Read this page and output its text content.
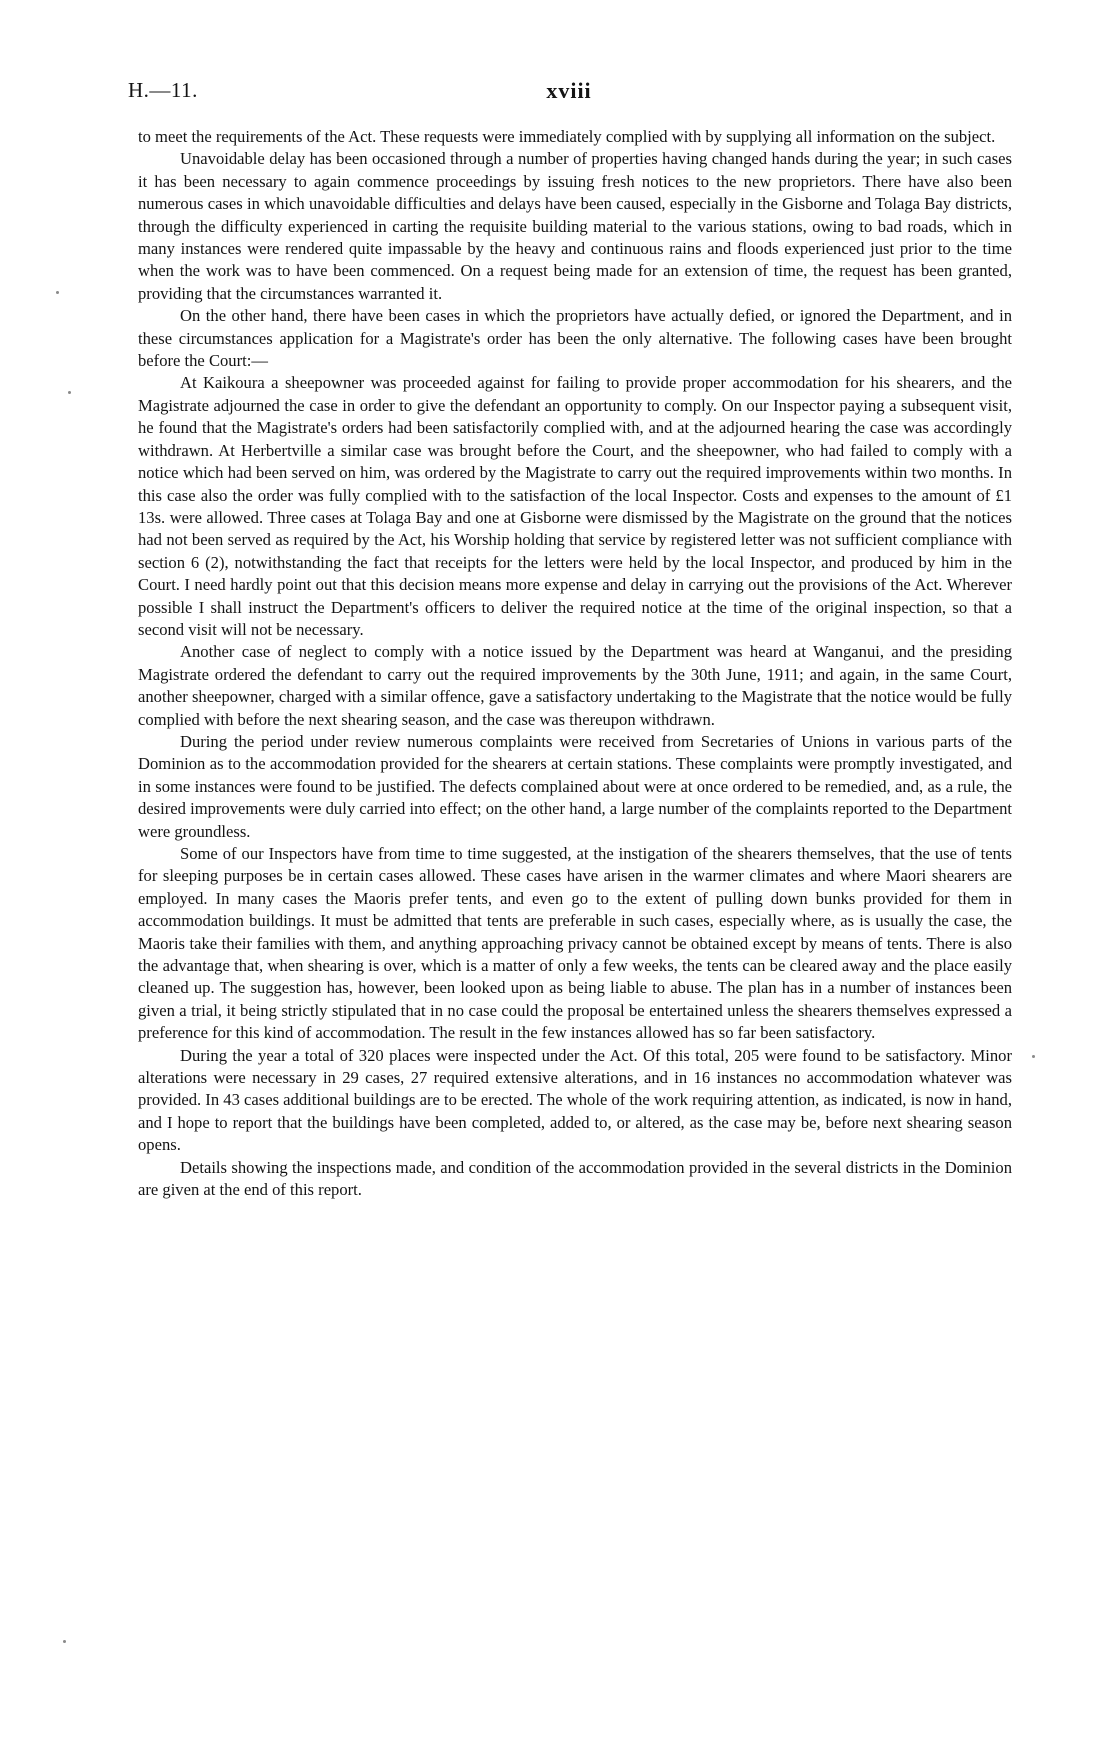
H.—11.	xviii

to meet the requirements of the Act. These requests were immediately complied with by supplying all information on the subject.

Unavoidable delay has been occasioned through a number of properties having changed hands during the year; in such cases it has been necessary to again commence proceedings by issuing fresh notices to the new proprietors. There have also been numerous cases in which unavoidable difficulties and delays have been caused, especially in the Gisborne and Tolaga Bay districts, through the difficulty experienced in carting the requisite building material to the various stations, owing to bad roads, which in many instances were rendered quite impassable by the heavy and continuous rains and floods experienced just prior to the time when the work was to have been commenced. On a request being made for an extension of time, the request has been granted, providing that the circumstances warranted it.

On the other hand, there have been cases in which the proprietors have actually defied, or ignored the Department, and in these circumstances application for a Magistrate's order has been the only alternative. The following cases have been brought before the Court:—

At Kaikoura a sheepowner was proceeded against for failing to provide proper accommodation for his shearers, and the Magistrate adjourned the case in order to give the defendant an opportunity to comply. On our Inspector paying a subsequent visit, he found that the Magistrate's orders had been satisfactorily complied with, and at the adjourned hearing the case was accordingly withdrawn. At Herbertville a similar case was brought before the Court, and the sheepowner, who had failed to comply with a notice which had been served on him, was ordered by the Magistrate to carry out the required improvements within two months. In this case also the order was fully complied with to the satisfaction of the local Inspector. Costs and expenses to the amount of £1 13s. were allowed. Three cases at Tolaga Bay and one at Gisborne were dismissed by the Magistrate on the ground that the notices had not been served as required by the Act, his Worship holding that service by registered letter was not sufficient compliance with section 6 (2), notwithstanding the fact that receipts for the letters were held by the local Inspector, and produced by him in the Court. I need hardly point out that this decision means more expense and delay in carrying out the provisions of the Act. Wherever possible I shall instruct the Department's officers to deliver the required notice at the time of the original inspection, so that a second visit will not be necessary.

Another case of neglect to comply with a notice issued by the Department was heard at Wanganui, and the presiding Magistrate ordered the defendant to carry out the required improvements by the 30th June, 1911; and again, in the same Court, another sheepowner, charged with a similar offence, gave a satisfactory undertaking to the Magistrate that the notice would be fully complied with before the next shearing season, and the case was thereupon withdrawn.

During the period under review numerous complaints were received from Secretaries of Unions in various parts of the Dominion as to the accommodation provided for the shearers at certain stations. These complaints were promptly investigated, and in some instances were found to be justified. The defects complained about were at once ordered to be remedied, and, as a rule, the desired improvements were duly carried into effect; on the other hand, a large number of the complaints reported to the Department were groundless.

Some of our Inspectors have from time to time suggested, at the instigation of the shearers themselves, that the use of tents for sleeping purposes be in certain cases allowed. These cases have arisen in the warmer climates and where Maori shearers are employed. In many cases the Maoris prefer tents, and even go to the extent of pulling down bunks provided for them in accommodation buildings. It must be admitted that tents are preferable in such cases, especially where, as is usually the case, the Maoris take their families with them, and anything approaching privacy cannot be obtained except by means of tents. There is also the advantage that, when shearing is over, which is a matter of only a few weeks, the tents can be cleared away and the place easily cleaned up. The suggestion has, however, been looked upon as being liable to abuse. The plan has in a number of instances been given a trial, it being strictly stipulated that in no case could the proposal be entertained unless the shearers themselves expressed a preference for this kind of accommodation. The result in the few instances allowed has so far been satisfactory.

During the year a total of 320 places were inspected under the Act. Of this total, 205 were found to be satisfactory. Minor alterations were necessary in 29 cases, 27 required extensive alterations, and in 16 instances no accommodation whatever was provided. In 43 cases additional buildings are to be erected. The whole of the work requiring attention, as indicated, is now in hand, and I hope to report that the buildings have been completed, added to, or altered, as the case may be, before next shearing season opens.

Details showing the inspections made, and condition of the accommodation provided in the several districts in the Dominion are given at the end of this report.
